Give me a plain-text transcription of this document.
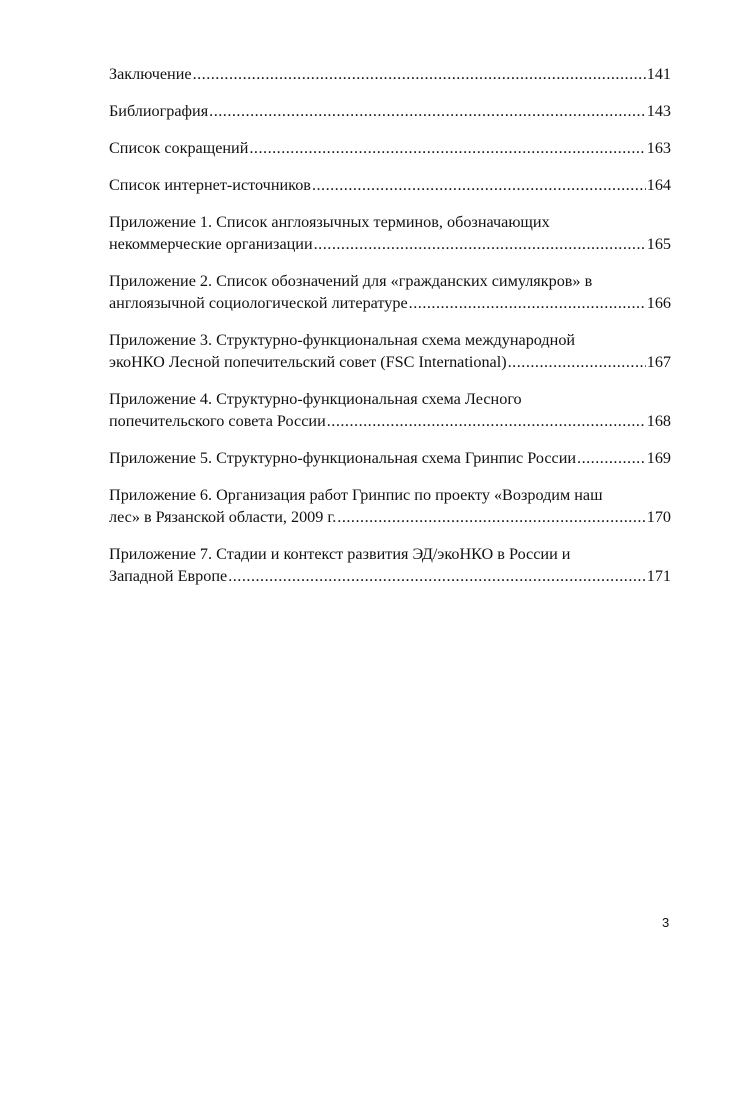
Заключение .....	141
Библиография .....	143
Список сокращений .....	163
Список интернет-источников .....	164
Приложение 1. Список англоязычных терминов, обозначающих
некоммерческие организации .....	165
Приложение 2. Список обозначений для «гражданских симулякров» в
англоязычной социологической литературе .....	166
Приложение 3. Структурно-функциональная схема международной
экоНКО Лесной попечительский совет (FSC International) .....	167
Приложение 4. Структурно-функциональная схема Лесного
попечительского совета России .....	168
Приложение 5. Структурно-функциональная схема Гринпис России .....	169
Приложение 6. Организация работ Гринпис по проекту «Возродим наш
лес» в Рязанской области, 2009 г. .....	170
Приложение 7. Стадии и контекст развития ЭД/экоНКО в России и
Западной Европе .....	171
3
